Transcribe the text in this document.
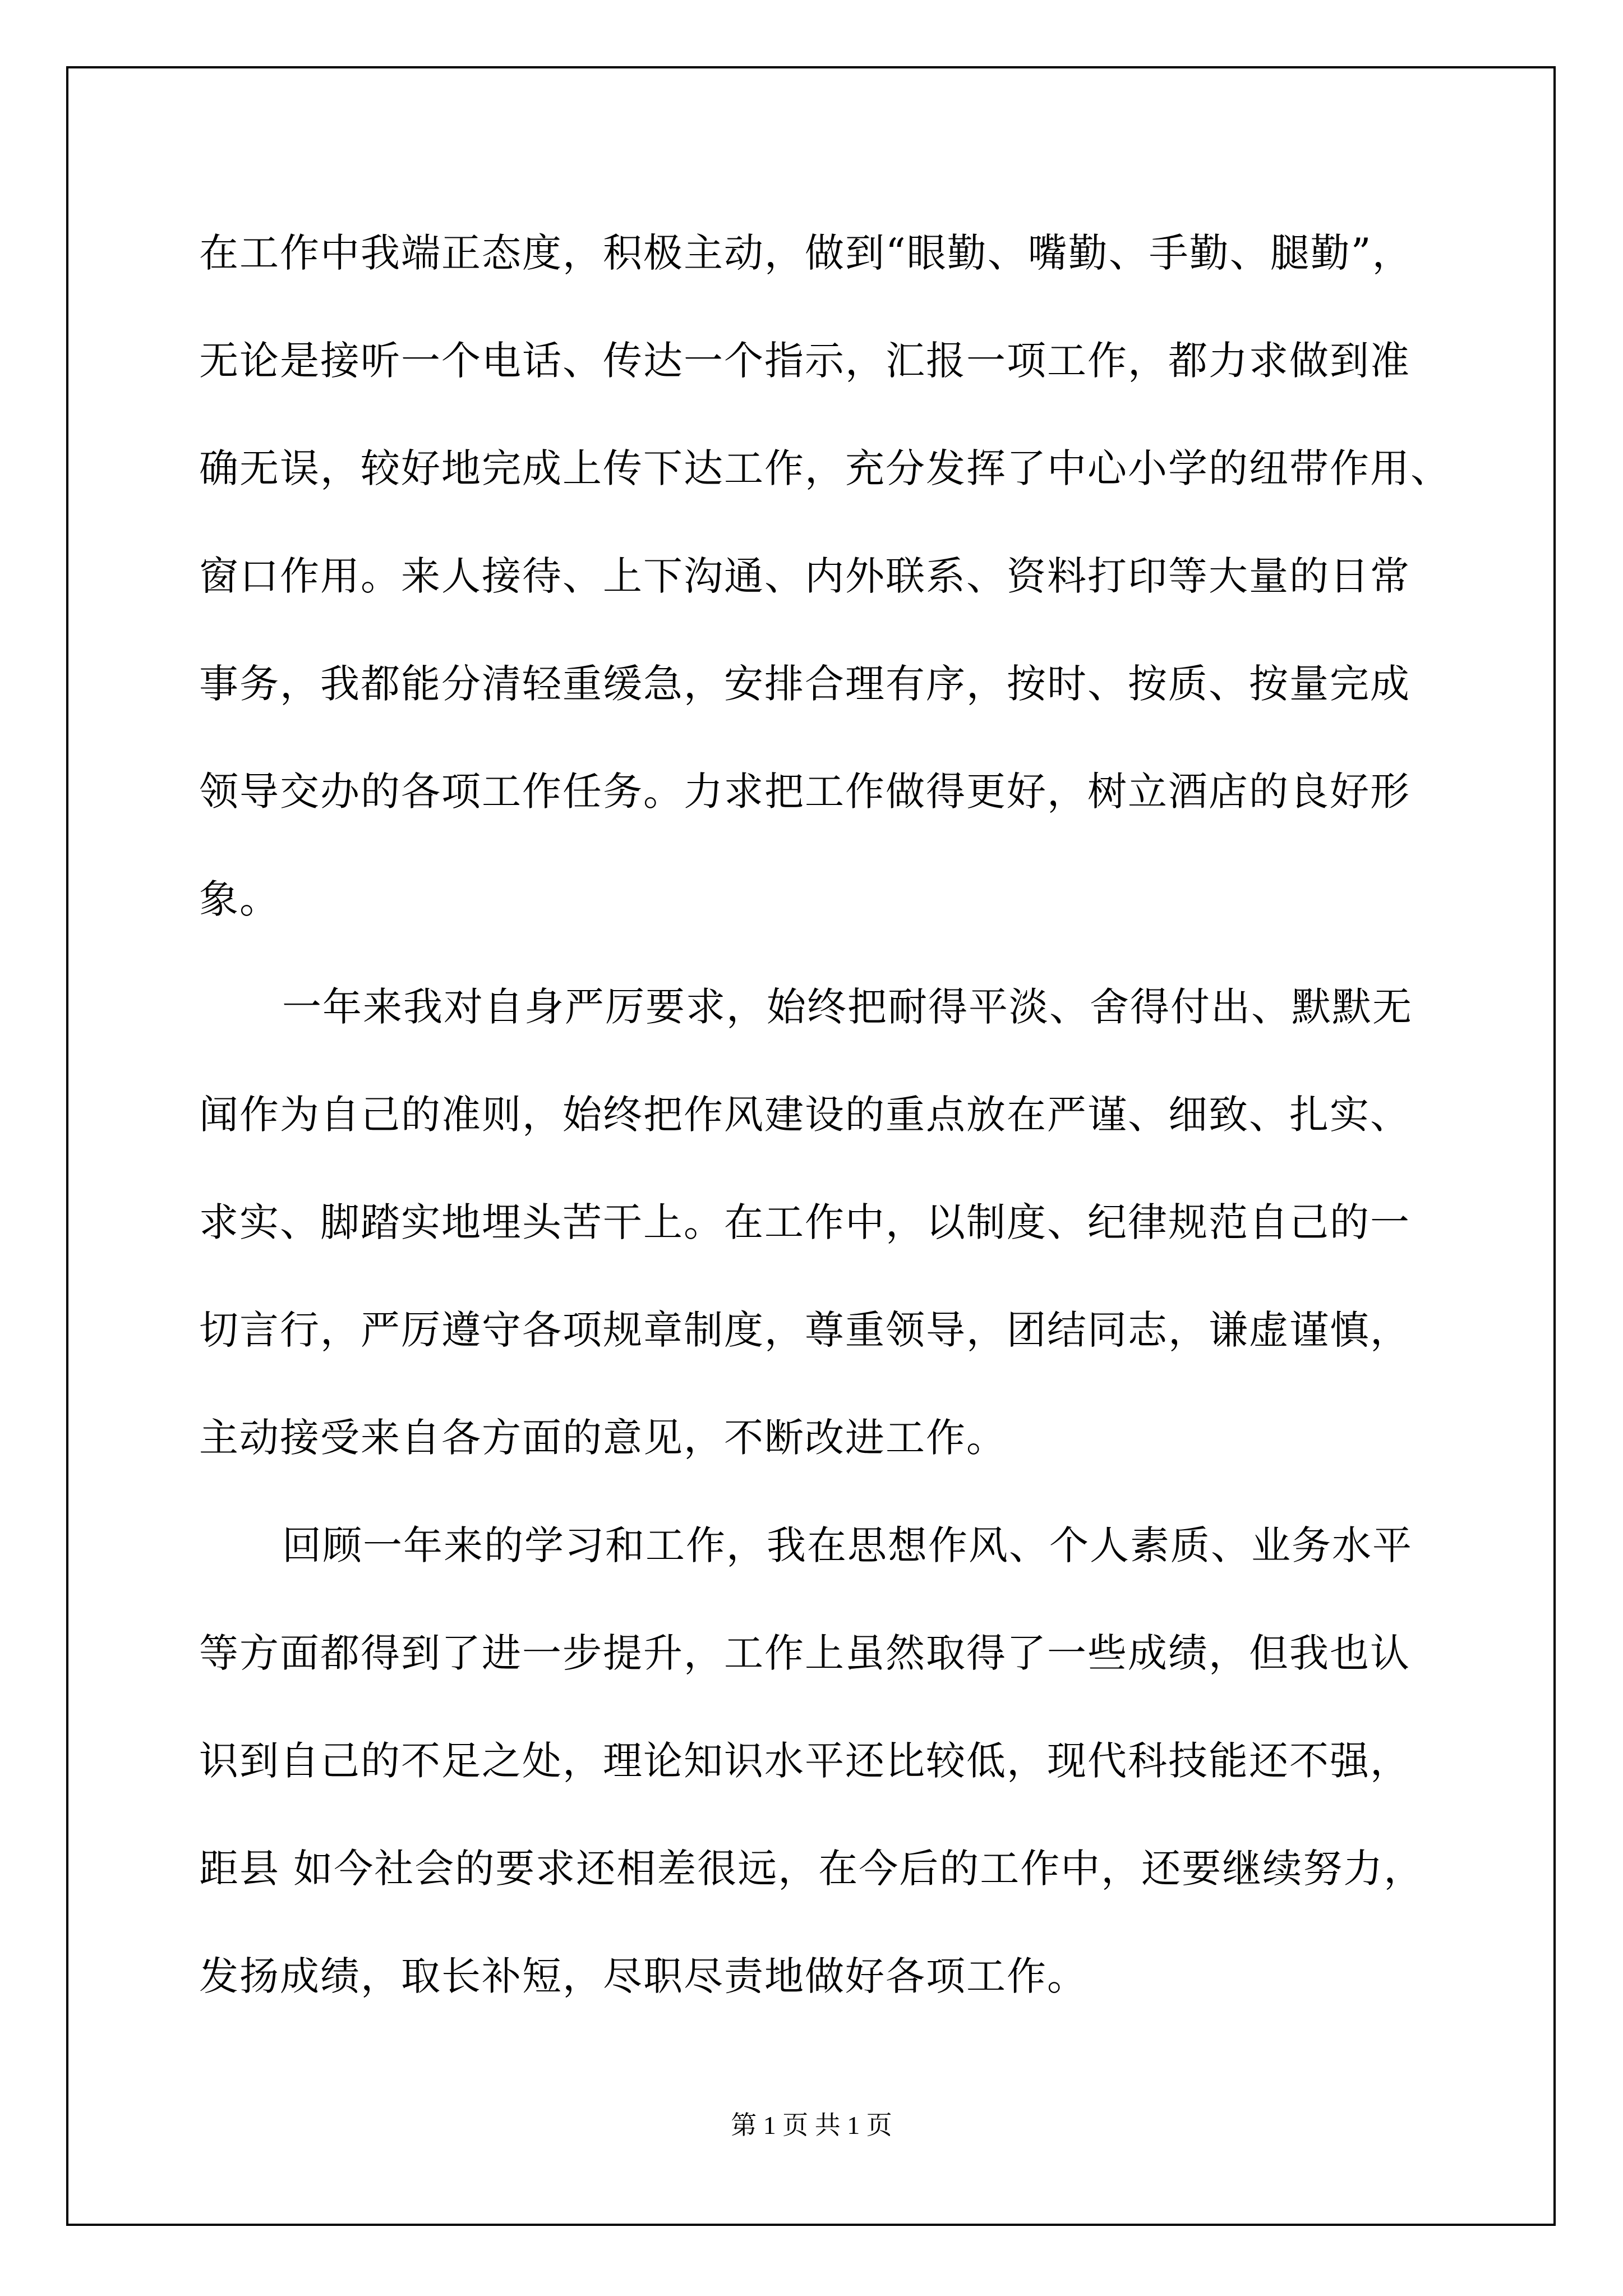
在工作中我端正态度，积极主动，做到“眼勤、嘴勤、手勤、腿勤”，
无论是接听一个电话、传达一个指示，汇报一项工作，都力求做到准
确无误，较好地完成上传下达工作，充分发挥了中心小学的纽带作用、
窗口作用。来人接待、上下沟通、内外联系、资料打印等大量的日常
事务，我都能分清轻重缓急，安排合理有序，按时、按质、按量完成
领导交办的各项工作任务。力求把工作做得更好，树立酒店的良好形
象。
一年来我对自身严厉要求，始终把耐得平淡、舍得付出、默默无
闻作为自己的准则，始终把作风建设的重点放在严谨、细致、扎实、
求实、脚踏实地埋头苦干上。在工作中，以制度、纪律规范自己的一
切言行，严厉遵守各项规章制度，尊重领导，团结同志，谦虚谨慎，
主动接受来自各方面的意见，不断改进工作。
回顾一年来的学习和工作，我在思想作风、个人素质、业务水平
等方面都得到了进一步提升，工作上虽然取得了一些成绩，但我也认
识到自己的不足之处，理论知识水平还比较低，现代科技能还不强，
距县 如今社会的要求还相差很远，在今后的工作中，还要继续努力，
发扬成绩，取长补短，尽职尽责地做好各项工作。
第 1 页 共 1 页
